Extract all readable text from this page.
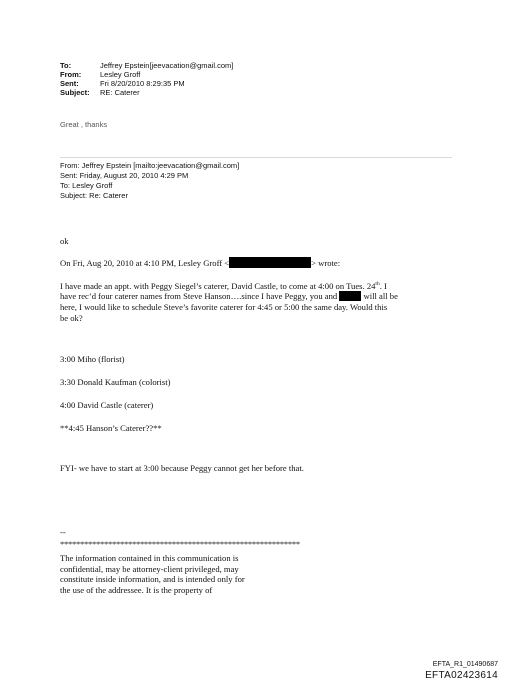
To:	Jeffrey Epstein[jeevacation@gmail.com]
From:	Lesley Groff
Sent:	Fri 8/20/2010 8:29:35 PM
Subject: RE: Caterer
Great , thanks
From: Jeffrey Epstein [mailto:jeevacation@gmail.com]
Sent: Friday, August 20, 2010 4:29 PM
To: Lesley Groff
Subject: Re: Caterer
ok
On Fri, Aug 20, 2010 at 4:10 PM, Lesley Groff <	> wrote:
I have made an appt. with Peggy Siegel’s caterer, David Castle, to come at 4:00 on Tues. 24th. I
have rec’d four caterer names from Steve Hanson….since I have Peggy, you and	will all be
here, I would like to schedule Steve’s favorite caterer for 4:45 or 5:00 the same day. Would this
be ok?
3:00 Miho (florist)
3:30 Donald Kaufman (colorist)
4:00 David Castle (caterer)
**4:45 Hanson’s Caterer??**
FYI- we have to start at 3:00 because Peggy cannot get her before that.
--
************************************************************
The information contained in this communication is
confidential, may be attorney-client privileged, may
constitute inside information, and is intended only for
the use of the addressee. It is the property of
EFTA_R1_01490687
EFTA02423614
